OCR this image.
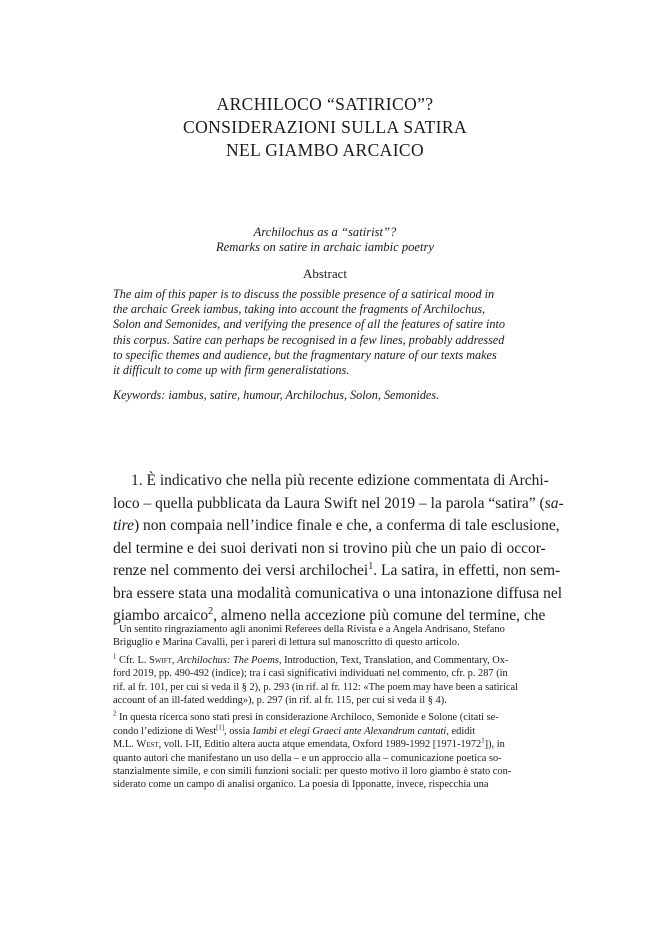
ARCHILOCO “SATIRICO”?
CONSIDERAZIONI SULLA SATIRA
NEL GIAMBO ARCAICO
Archilochus as a “satirist”?
Remarks on satire in archaic iambic poetry
Abstract
The aim of this paper is to discuss the possible presence of a satirical mood in
the archaic Greek iambus, taking into account the fragments of Archilochus,
Solon and Semonides, and verifying the presence of all the features of satire into
this corpus. Satire can perhaps be recognised in a few lines, probably addressed
to specific themes and audience, but the fragmentary nature of our texts makes
it difficult to come up with firm generalistations.
Keywords: iambus, satire, humour, Archilochus, Solon, Semonides.
1. È indicativo che nella più recente edizione commentata di Archi-
loco – quella pubblicata da Laura Swift nel 2019 – la parola “satira” (sa-
tire) non compaia nell’indice finale e che, a conferma di tale esclusione,
del termine e dei suoi derivati non si trovino più che un paio di occor-
renze nel commento dei versi archilochei$^1$. La satira, in effetti, non sem-
bra essere stata una modalità comunicativa o una intonazione diffusa nel
giambo arcaico$^2$, almeno nella accezione più comune del termine, che
* Un sentito ringraziamento agli anonimi Referees della Rivista e a Angela Andrisano, Stefano
Briguglio e Marina Cavalli, per i pareri di lettura sul manoscritto di questo articolo.
$^1$ Cfr. L. Swift, Archilochus: The Poems, Introduction, Text, Translation, and Commentary, Ox-
ford 2019, pp. 490-492 (indice); tra i casi significativi individuati nel commento, cfr. p. 287 (in
rif. al fr. 101, per cui si veda il § 2), p. 293 (in rif. al fr. 112: «The poem may have been a satirical
account of an ill-fated wedding»), p. 297 (in rif. al fr. 115, per cui si veda il § 4).
$^2$ In questa ricerca sono stati presi in considerazione Archiloco, Semonide e Solone (citati se-
condo l’edizione di West[1], ossia Iambi et elegi Graeci ante Alexandrum cantati, edidit
M.L. West, voll. I-II, Editio altera aucta atque emendata, Oxford 1989-1992 [1971-1972$^1$]), in
quanto autori che manifestano un uso della – e un approccio alla – comunicazione poetica so-
stanzialmente simile, e con simili funzioni sociali: per questo motivo il loro giambo è stato con-
siderato come un campo di analisi organico. La poesia di Ipponatte, invece, rispecchia una
